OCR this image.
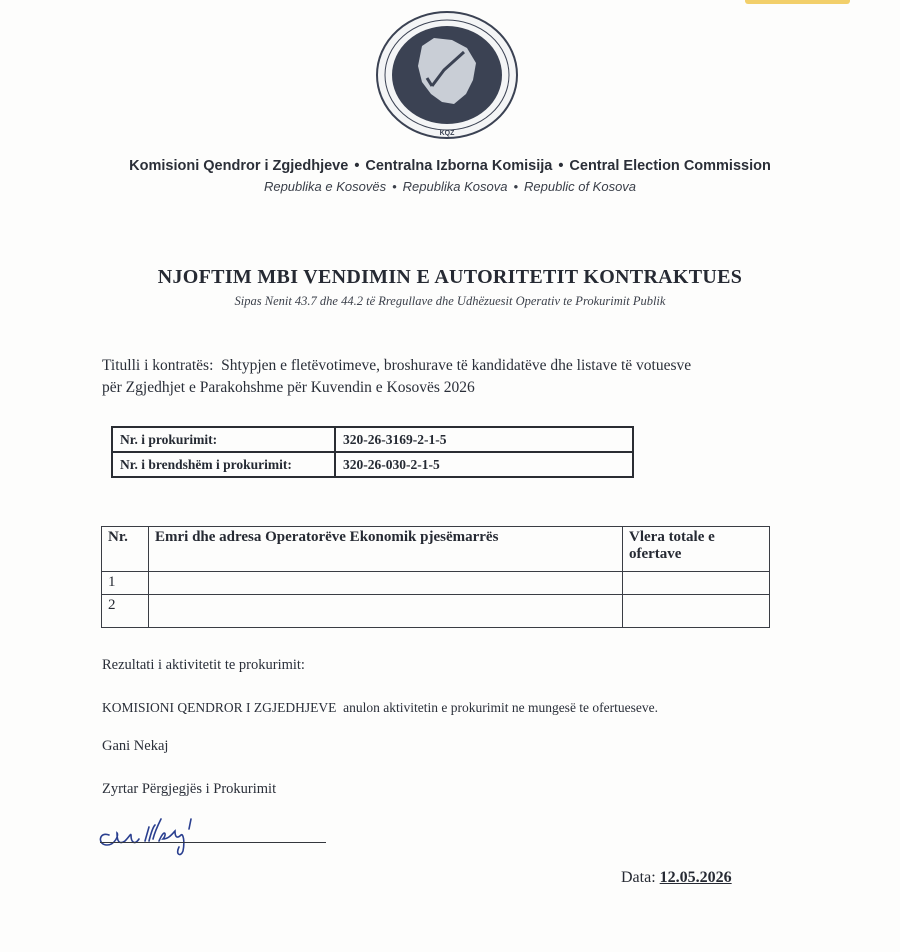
KQZ
Komisioni Qendror i Zgjedhjeve • Centralna Izborna Komisija • Central Election Commission
Republika e Kosovës • Republika Kosova • Republic of Kosova
NJOFTIM MBI VENDIMIN E AUTORITETIT KONTRAKTUES
Sipas Nenit 43.7 dhe 44.2 të Rregullave dhe Udhëzuesit Operativ te Prokurimit Publik
Titulli i kontratës: Shtypjen e fletëvotimeve, broshurave të kandidatëve dhe listave të votuesve
për Zgjedhjet e Parakohshme për Kuvendin e Kosovës 2026
Nr. i prokurimit:	320-26-3169-2-1-5
Nr. i brendshëm i prokurimit:	320-26-030-2-1-5
Nr.	Emri dhe adresa Operatorëve Ekonomik pjesëmarrës	Vlera totale e ofertave
1		
2		
Rezultati i aktivitetit te prokurimit:
KOMISIONI QENDROR I ZGJEDHJEVE anulon aktivitetin e prokurimit ne mungesë te ofertueseve.
Gani Nekaj
Zyrtar Përgjegjës i Prokurimit
Data: 12.05.2026
